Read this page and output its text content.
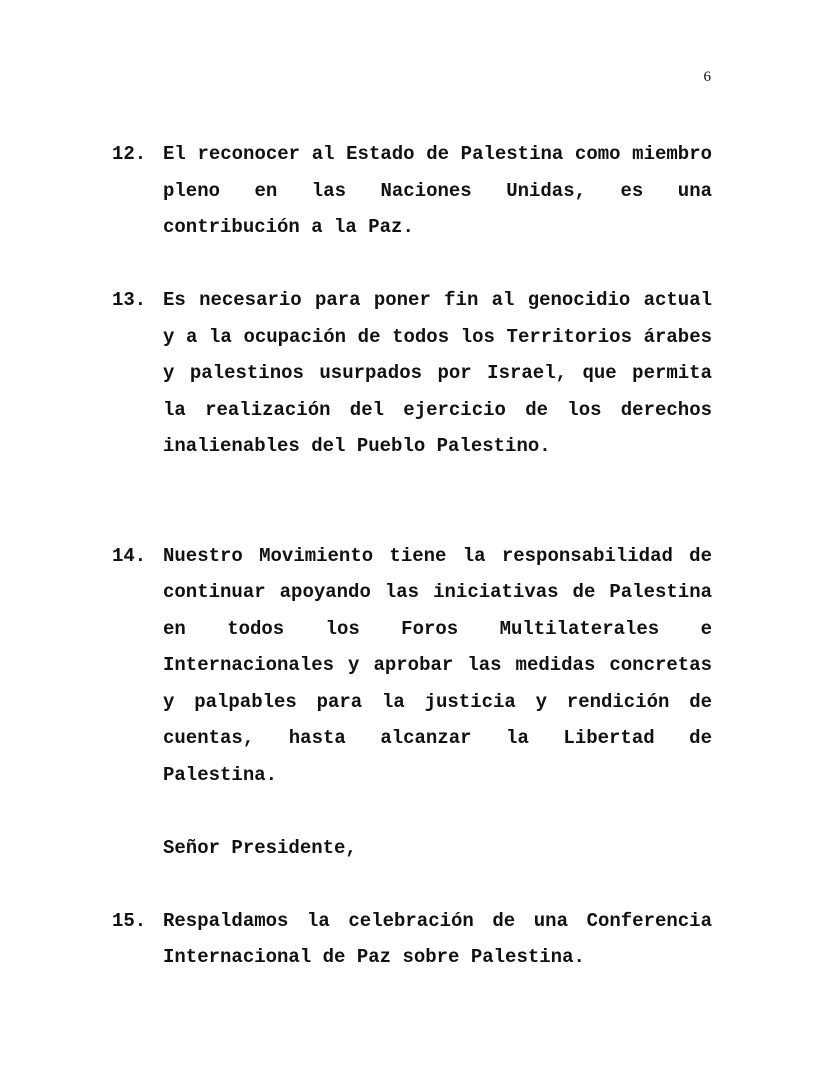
6
12. El reconocer al Estado de Palestina como miembro pleno en las Naciones Unidas, es una contribución a la Paz.
13. Es necesario para poner fin al genocidio actual y a la ocupación de todos los Territorios árabes y palestinos usurpados por Israel, que permita la realización del ejercicio de los derechos inalienables del Pueblo Palestino.
14. Nuestro Movimiento tiene la responsabilidad de continuar apoyando las iniciativas de Palestina en todos los Foros Multilaterales e Internacionales y aprobar las medidas concretas y palpables para la justicia y rendición de cuentas, hasta alcanzar la Libertad de Palestina.
Señor Presidente,
15. Respaldamos la celebración de una Conferencia Internacional de Paz sobre Palestina.
